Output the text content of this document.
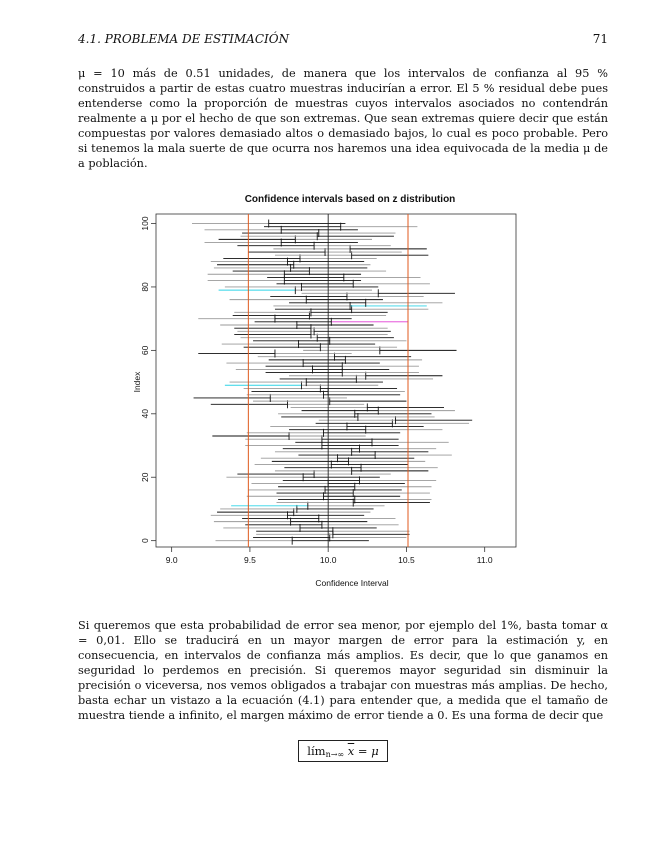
4.1. PROBLEMA DE ESTIMACIÓN	71

μ = 10 más de 0.51 unidades, de manera que los intervalos de confianza al 95 % construidos a partir de estas cuatro muestras inducirían a error. El 5 % residual debe pues entenderse como la proporción de muestras cuyos intervalos asociados no contendrán realmente a μ por el hecho de que son extremas. Que sean extremas quiere decir que están compuestas por valores demasiado altos o demasiado bajos, lo cual es poco probable. Pero si tenemos la mala suerte de que ocurra nos haremos una idea equivocada de la media μ de a población.

Confidence intervals based on z distribution
9.0	9.5	10.0	10.5	11.0
0
20
40
60
80
100
Confidence Interval
Index

Si queremos que esta probabilidad de error sea menor, por ejemplo del 1%, basta tomar α = 0,01. Ello se traducirá en un mayor margen de error para la estimación y, en consecuencia, en intervalos de confianza más amplios. Es decir, que lo que ganamos en seguridad lo perdemos en precisión. Si queremos mayor seguridad sin disminuir la precisión o viceversa, nos vemos obligados a trabajar con muestras más amplias. De hecho, basta echar un vistazo a la ecuación (4.1) para entender que, a medida que el tamaño de muestra tiende a infinito, el margen máximo de error tiende a 0. Es una forma de decir que

lím$_{n\to\infty}$ $\overline{x} = \mu$
